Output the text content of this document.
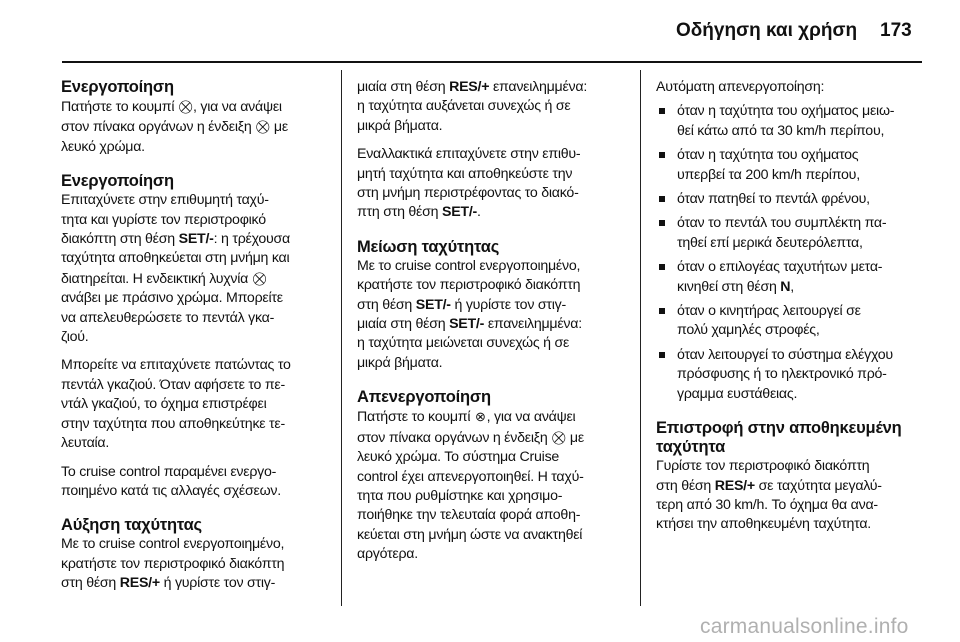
Οδήγηση και χρήση 173
Ενεργοποίηση
Πατήστε το κουμπί ⛒, για να ανάψει
στον πίνακα οργάνων η ένδειξη ⛒ με
λευκό χρώμα.
Ενεργοποίηση
Επιταχύνετε στην επιθυμητή ταχύ-
τητα και γυρίστε τον περιστροφικό
διακόπτη στη θέση SET/-: η τρέχουσα
ταχύτητα αποθηκεύεται στη μνήμη και
διατηρείται. Η ενδεικτική λυχνία ⛒
ανάβει με πράσινο χρώμα. Μπορείτε
να απελευθερώσετε το πεντάλ γκα-
ζιού.
Μπορείτε να επιταχύνετε πατώντας το
πεντάλ γκαζιού. Όταν αφήσετε το πε-
ντάλ γκαζιού, το όχημα επιστρέφει
στην ταχύτητα που αποθηκεύτηκε τε-
λευταία.
Το cruise control παραμένει ενεργο-
ποιημένο κατά τις αλλαγές σχέσεων.
Αύξηση ταχύτητας
Με το cruise control ενεργοποιημένο,
κρατήστε τον περιστροφικό διακόπτη
στη θέση RES/+ ή γυρίστε τον στιγ-
μιαία στη θέση RES/+ επανειλημμένα:
η ταχύτητα αυξάνεται συνεχώς ή σε
μικρά βήματα.
Εναλλακτικά επιταχύνετε στην επιθυ-
μητή ταχύτητα και αποθηκεύστε την
στη μνήμη περιστρέφοντας το διακό-
πτη στη θέση SET/-.
Μείωση ταχύτητας
Με το cruise control ενεργοποιημένο,
κρατήστε τον περιστροφικό διακόπτη
στη θέση SET/- ή γυρίστε τον στιγ-
μιαία στη θέση SET/- επανειλημμένα:
η ταχύτητα μειώνεται συνεχώς ή σε
μικρά βήματα.
Απενεργοποίηση
Πατήστε το κουμπί ⊗, για να ανάψει
στον πίνακα οργάνων η ένδειξη ⛒ με
λευκό χρώμα. Το σύστημα Cruise
control έχει απενεργοποιηθεί. Η ταχύ-
τητα που ρυθμίστηκε και χρησιμο-
ποιήθηκε την τελευταία φορά αποθη-
κεύεται στη μνήμη ώστε να ανακτηθεί
αργότερα.
Αυτόματη απενεργοποίηση:
όταν η ταχύτητα του οχήματος μειω-
θεί κάτω από τα 30 km/h περίπου,
όταν η ταχύτητα του οχήματος
υπερβεί τα 200 km/h περίπου,
όταν πατηθεί το πεντάλ φρένου,
όταν το πεντάλ του συμπλέκτη πα-
τηθεί επί μερικά δευτερόλεπτα,
όταν ο επιλογέας ταχυτήτων μετα-
κινηθεί στη θέση N,
όταν ο κινητήρας λειτουργεί σε
πολύ χαμηλές στροφές,
όταν λειτουργεί το σύστημα ελέγχου
πρόσφυσης ή το ηλεκτρονικό πρό-
γραμμα ευστάθειας.
Επιστροφή στην αποθηκευμένη
ταχύτητα
Γυρίστε τον περιστροφικό διακόπτη
στη θέση RES/+ σε ταχύτητα μεγαλύ-
τερη από 30 km/h. Το όχημα θα ανα-
κτήσει την αποθηκευμένη ταχύτητα.
carmanualsonline.info
